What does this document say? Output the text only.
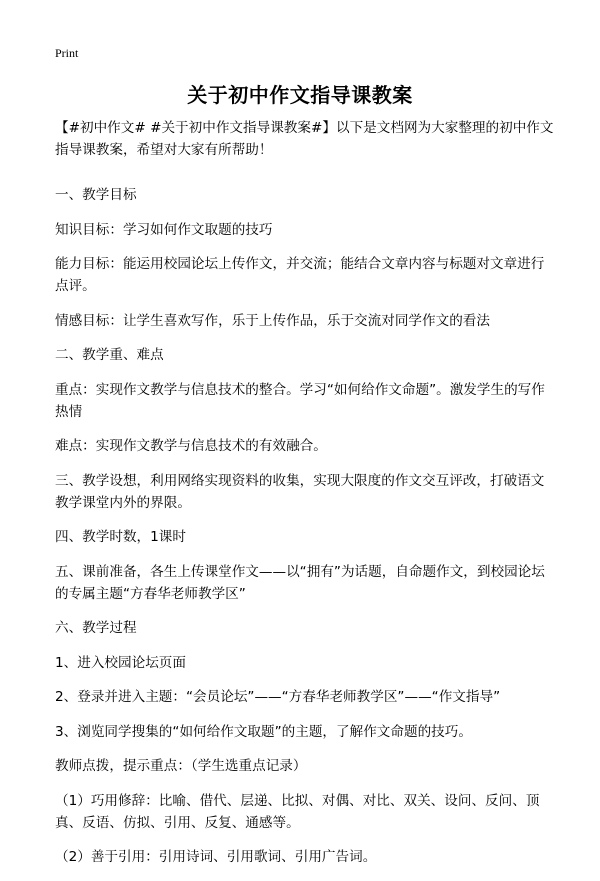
Print
关于初中作文指导课教案

【#初中作文# #关于初中作文指导课教案#】以下是文档网为大家整理的初中作文指导课教案，希望对大家有所帮助！

一、教学目标

知识目标：学习如何作文取题的技巧

能力目标：能运用校园论坛上传作文，并交流；能结合文章内容与标题对文章进行点评。

情感目标：让学生喜欢写作，乐于上传作品，乐于交流对同学作文的看法

二、教学重、难点

重点：实现作文教学与信息技术的整合。学习“如何给作文命题”。激发学生的写作热情

难点：实现作文教学与信息技术的有效融合。

三、教学设想，利用网络实现资料的收集，实现大限度的作文交互评改，打破语文教学课堂内外的界限。

四、教学时数，1课时

五、课前准备，各生上传课堂作文——以“拥有”为话题，自命题作文，到校园论坛的专属主题“方春华老师教学区”

六、教学过程

1、进入校园论坛页面

2、登录并进入主题：“会员论坛”——“方春华老师教学区”——“作文指导”

3、浏览同学搜集的“如何给作文取题”的主题，了解作文命题的技巧。

教师点拨，提示重点：（学生选重点记录）

（1）巧用修辞：比喻、借代、层递、比拟、对偶、对比、双关、设问、反问、顶真、反语、仿拟、引用、反复、通感等。

（2）善于引用：引用诗词、引用歌词、引用广告词。
